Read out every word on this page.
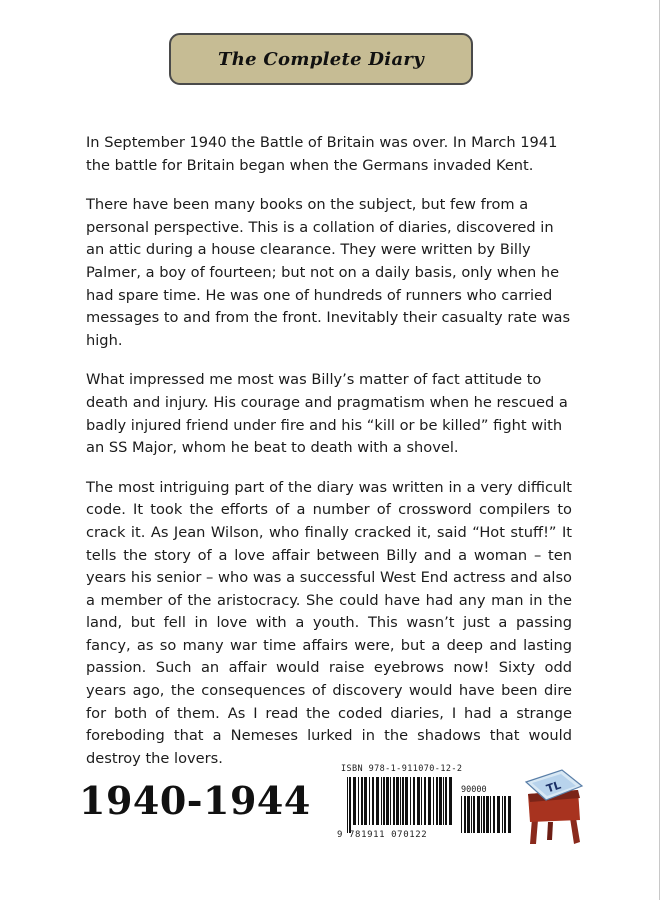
The Complete Diary

In September 1940 the Battle of Britain was over. In March 1941 the battle for Britain began when the Germans invaded Kent.

There have been many books on the subject, but few from a personal perspective. This is a collation of diaries, discovered in an attic during a house clearance. They were written by Billy Palmer, a boy of fourteen; but not on a daily basis, only when he had spare time. He was one of hundreds of runners who carried messages to and from the front. Inevitably their casualty rate was high.

What impressed me most was Billy’s matter of fact attitude to death and injury. His courage and pragmatism when he rescued a badly injured friend under fire and his “kill or be killed” fight with an SS Major, whom he beat to death with a shovel.

The most intriguing part of the diary was written in a very difficult code. It took the efforts of a number of crossword compilers to crack it. As Jean Wilson, who finally cracked it, said “Hot stuff!” It tells the story of a love affair between Billy and a woman – ten years his senior – who was a successful West End actress and also a member of the aristocracy. She could have had any man in the land, but fell in love with a youth. This wasn’t just a passing fancy, as so many war time affairs were, but a deep and lasting passion. Such an affair would raise eyebrows now! Sixty odd years ago, the consequences of discovery would have been dire for both of them. As I read the coded diaries, I had a strange foreboding that a Nemeses lurked in the shadows that would destroy the lovers.

1940-1944
ISBN 978-1-911070-12-2
90000
9 781911 070122
TL
